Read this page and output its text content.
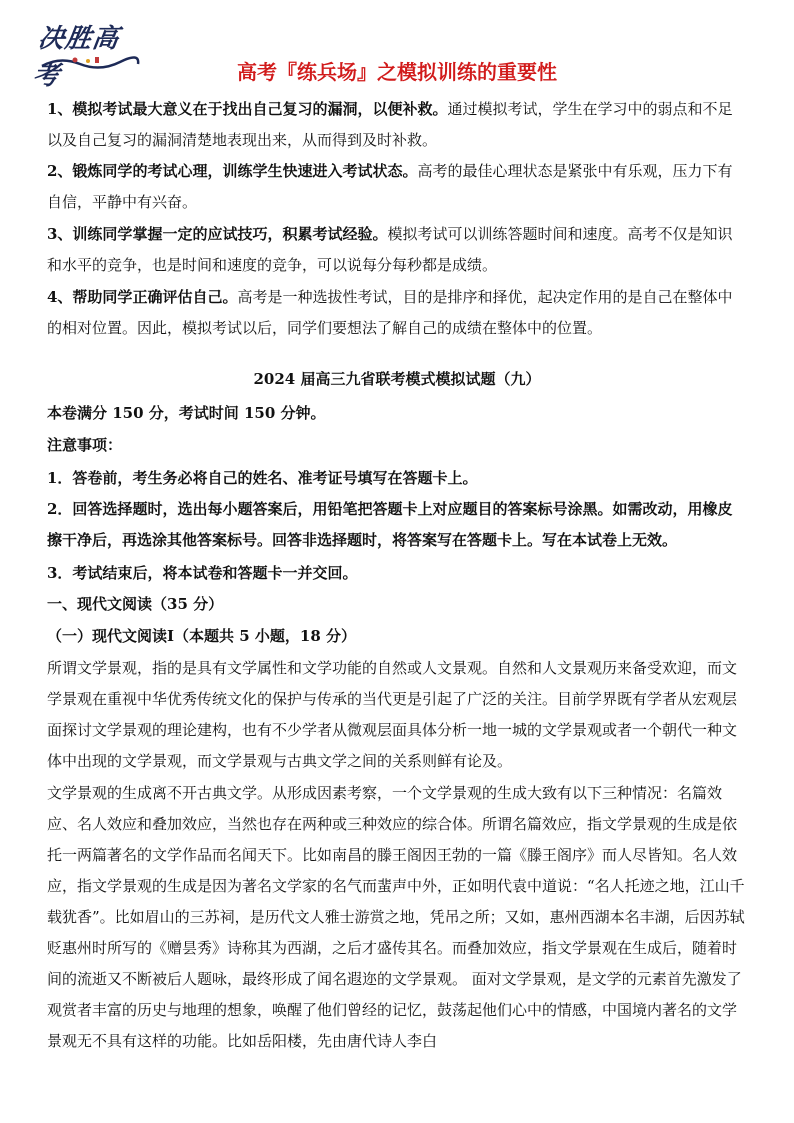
决胜高考	高考『练兵场』之模拟训练的重要性
1、模拟考试最大意义在于找出自己复习的漏洞，以便补救。通过模拟考试，学生在学习中的弱点和不足以及自己复习的漏洞清楚地表现出来，从而得到及时补救。
2、锻炼同学的考试心理，训练学生快速进入考试状态。高考的最佳心理状态是紧张中有乐观，压力下有自信，平静中有兴奋。
3、训练同学掌握一定的应试技巧，积累考试经验。模拟考试可以训练答题时间和速度。高考不仅是知识和水平的竞争，也是时间和速度的竞争，可以说每分每秒都是成绩。
4、帮助同学正确评估自己。高考是一种选拔性考试，目的是排序和择优，起决定作用的是自己在整体中的相对位置。因此，模拟考试以后，同学们要想法了解自己的成绩在整体中的位置。
2024 届高三九省联考模式模拟试题（九）
本卷满分 150 分，考试时间 150 分钟。
注意事项：
1．答卷前，考生务必将自己的姓名、准考证号填写在答题卡上。
2．回答选择题时，选出每小题答案后，用铅笔把答题卡上对应题目的答案标号涂黑。如需改动，用橡皮擦干净后，再选涂其他答案标号。回答非选择题时，将答案写在答题卡上。写在本试卷上无效。
3．考试结束后，将本试卷和答题卡一并交回。
一、现代文阅读（35 分）
（一）现代文阅读Ⅰ（本题共 5 小题，18 分）
所谓文学景观，指的是具有文学属性和文学功能的自然或人文景观。自然和人文景观历来备受欢迎，而文学景观在重视中华优秀传统文化的保护与传承的当代更是引起了广泛的关注。目前学界既有学者从宏观层面探讨文学景观的理论建构，也有不少学者从微观层面具体分析一地一城的文学景观或者一个朝代一种文体中出现的文学景观，而文学景观与古典文学之间的关系则鲜有论及。
文学景观的生成离不开古典文学。从形成因素考察，一个文学景观的生成大致有以下三种情况：名篇效应、名人效应和叠加效应，当然也存在两种或三种效应的综合体。所谓名篇效应，指文学景观的生成是依托一两篇著名的文学作品而名闻天下。比如南昌的滕王阁因王勃的一篇《滕王阁序》而人尽皆知。名人效应，指文学景观的生成是因为著名文学家的名气而蜚声中外，正如明代袁中道说：“名人托迹之地，江山千载犹香”。比如眉山的三苏祠，是历代文人雅士游赏之地，凭吊之所；又如，惠州西湖本名丰湖，后因苏轼贬惠州时所写的《赠昙秀》诗称其为西湖，之后才盛传其名。而叠加效应，指文学景观在生成后，随着时间的流逝又不断被后人题咏，最终形成了闻名遐迩的文学景观。 面对文学景观，是文学的元素首先激发了观赏者丰富的历史与地理的想象，唤醒了他们曾经的记忆，鼓荡起他们心中的情感，中国境内著名的文学景观无不具有这样的功能。比如岳阳楼，先由唐代诗人李白
